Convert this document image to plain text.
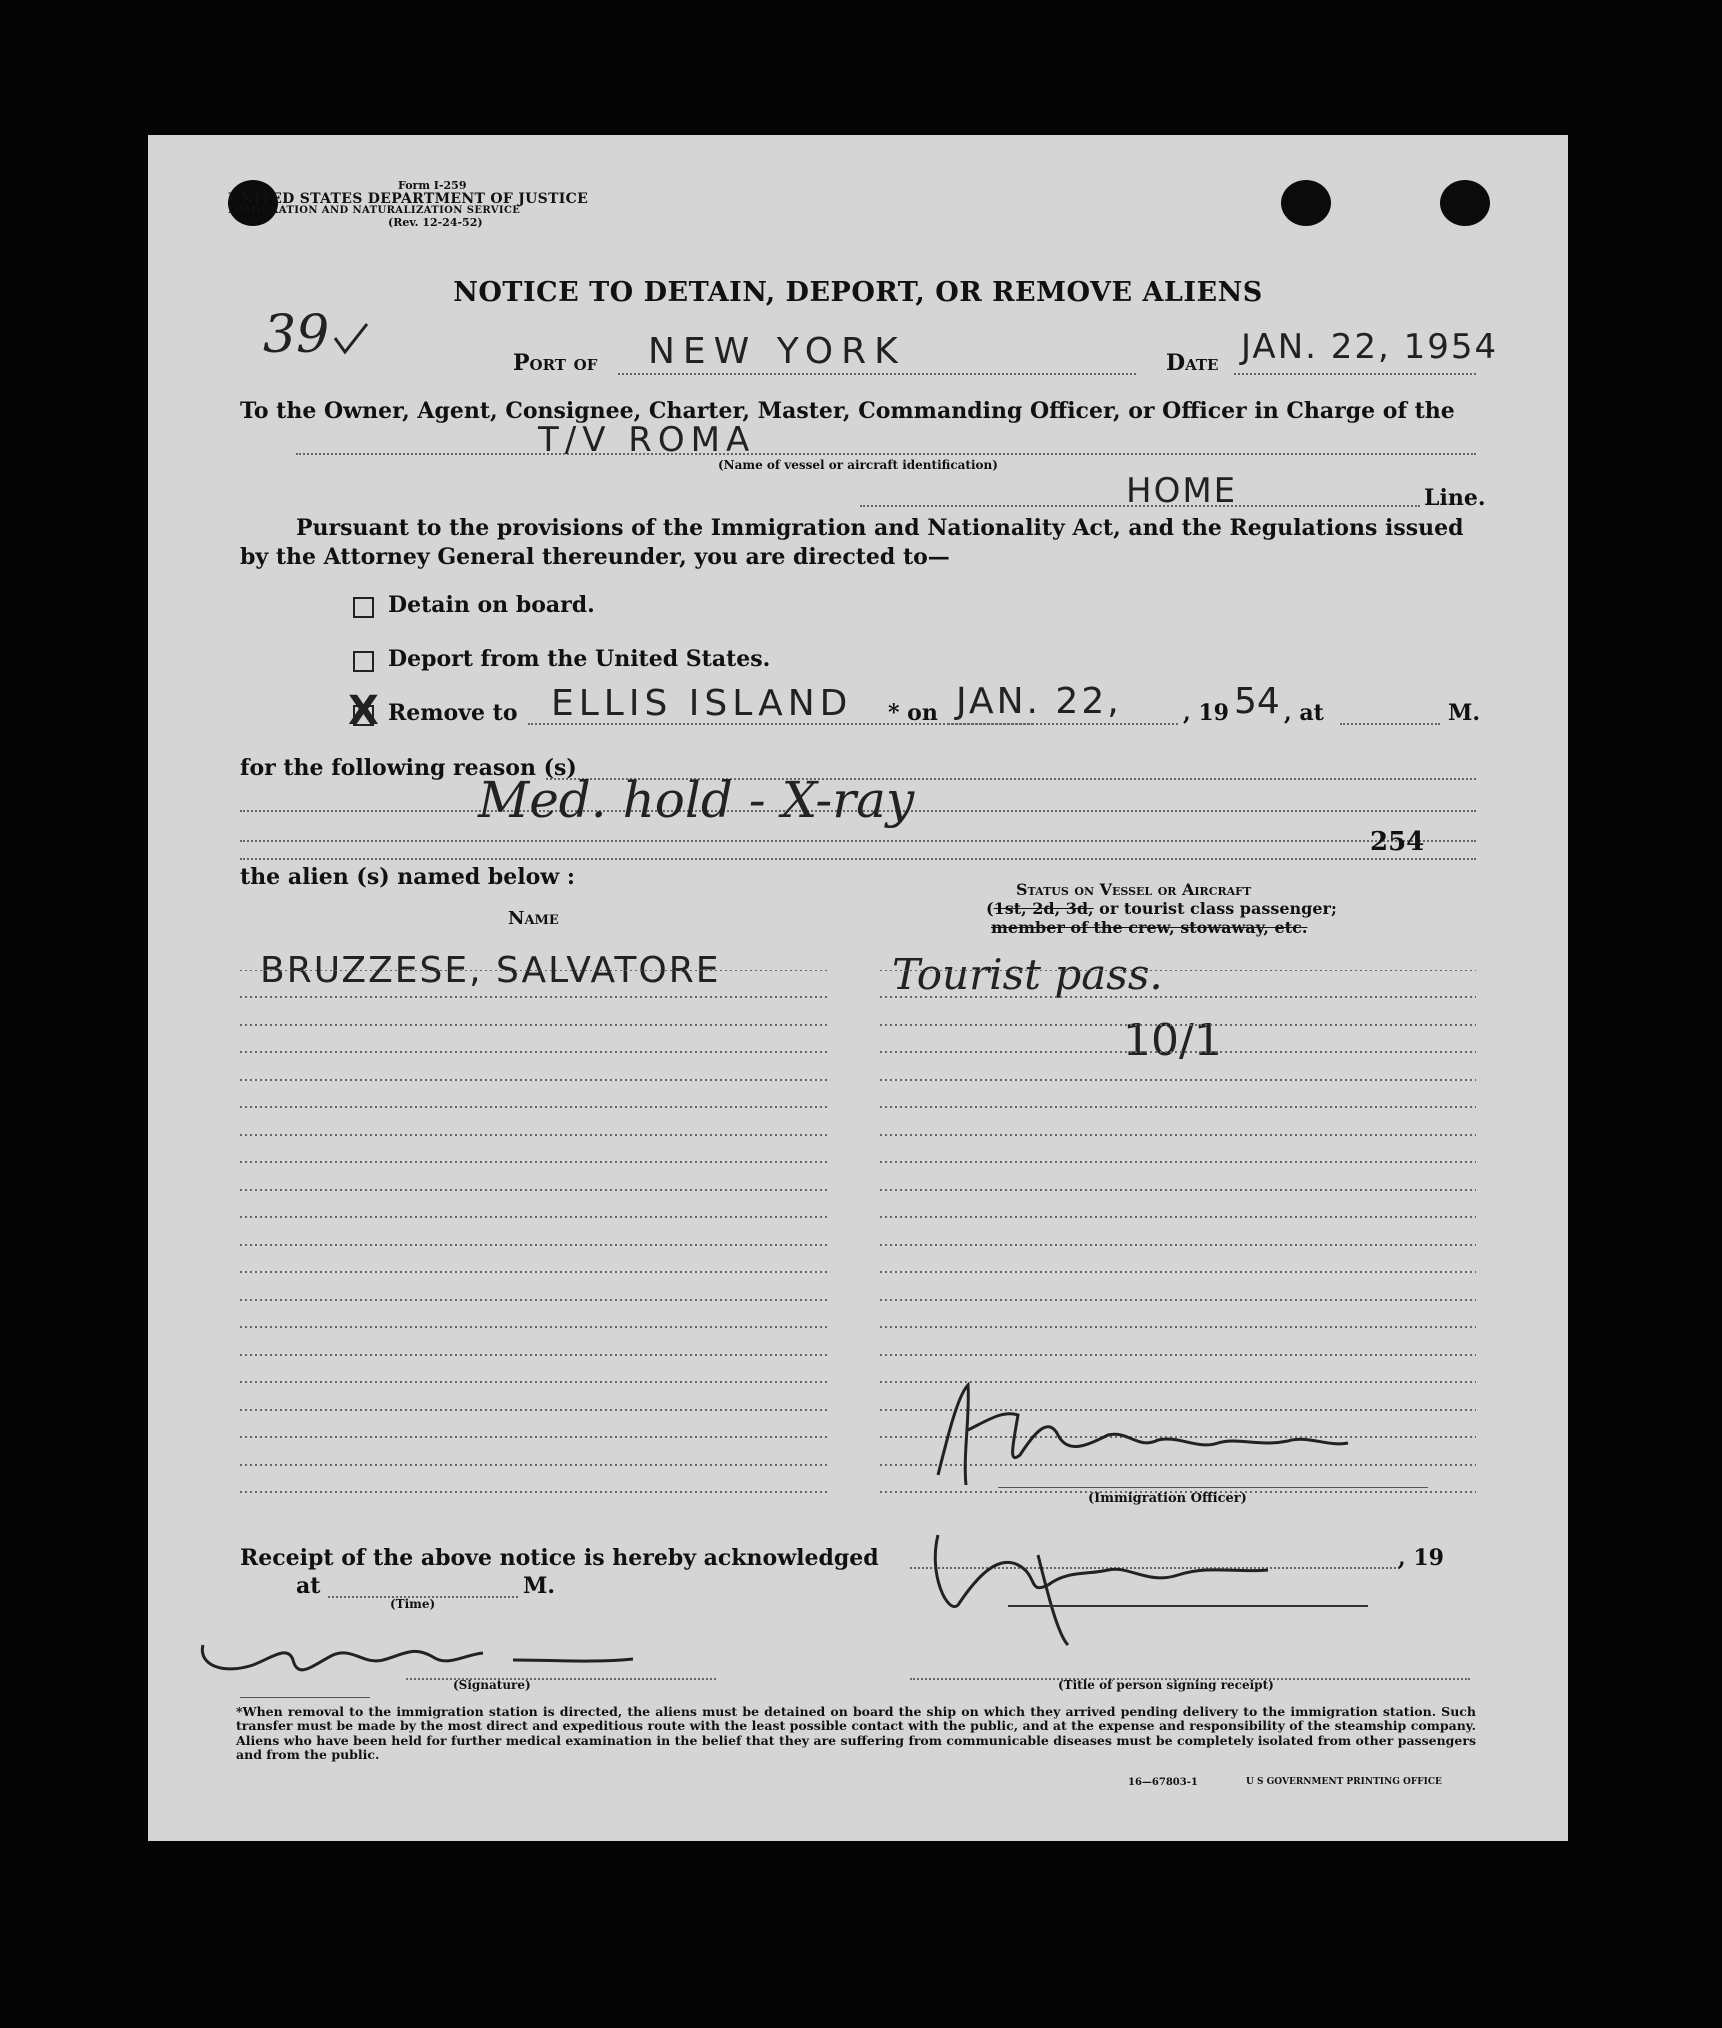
Form I-259
UNITED STATES DEPARTMENT OF JUSTICE
IMMIGRATION AND NATURALIZATION SERVICE
(Rev. 12-24-52)
39
NOTICE TO DETAIN, DEPORT, OR REMOVE ALIENS
Port of NEW YORK	Date JAN. 22, 1954
To the Owner, Agent, Consignee, Charter, Master, Commanding Officer, or Officer in Charge of the
T/V ROMA
(Name of vessel or aircraft identification)
HOME	Line.
Pursuant to the provisions of the Immigration and Nationality Act, and the Regulations issued
by the Attorney General thereunder, you are directed to—
Detain on board.
Deport from the United States.
X Remove to ELLIS ISLAND * on JAN. 22,	, 19 54 , at	M.
for the following reason (s)
Med. hold - X-ray
254
the alien (s) named below :	Status on Vessel or Aircraft
(1st, 2d, 3d, or tourist class passenger;
member of the crew, stowaway, etc.
Name
BRUZZESE, SALVATORE	Tourist pass.
10/1
(Immigration Officer)
Receipt of the above notice is hereby acknowledged	, 19
at	M.
(Time)
(Signature)	(Title of person signing receipt)
*When removal to the immigration station is directed, the aliens must be detained on board the ship on which they arrived pending delivery to the immigration station. Such transfer must be made by the most direct and expeditious route with the least possible contact with the public, and at the expense and responsibility of the steamship company. Aliens who have been held for further medical examination in the belief that they are suffering from communicable diseases must be completely isolated from other passengers and from the public.
16—67803-1	U S GOVERNMENT PRINTING OFFICE
